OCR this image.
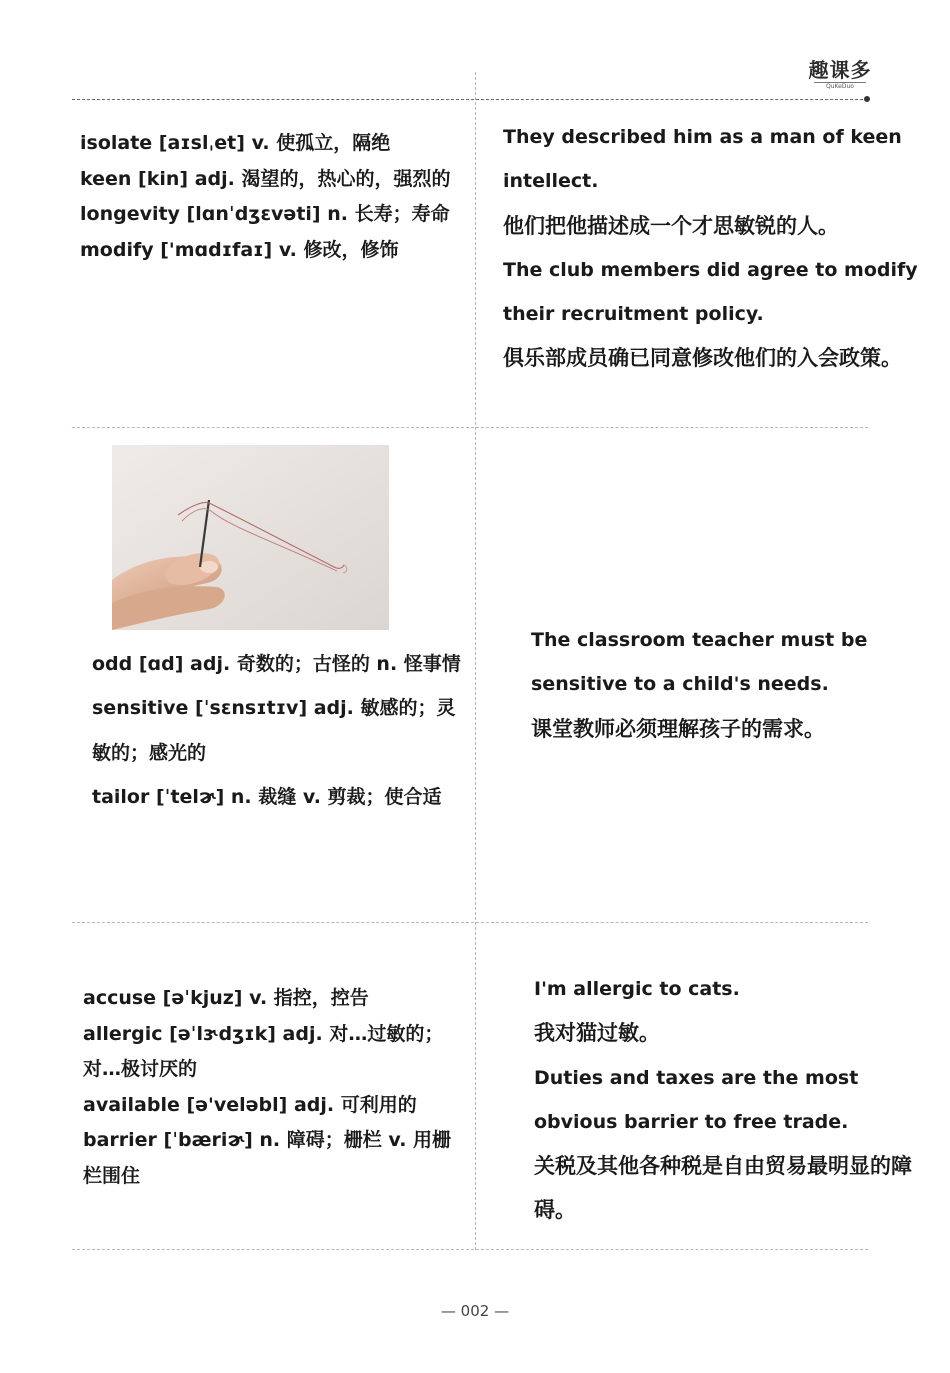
趣课多
QuKeDuo

isolate [aɪslˌet] v. 使孤立，隔绝

keen [kin] adj. 渴望的，热心的，强烈的

longevity [lɑnˈdʒɛvəti] n. 长寿；寿命

modify ['mɑdɪfaɪ] v. 修改，修饰

They described him as a man of keen intellect.

他们把他描述成一个才思敏锐的人。

The club members did agree to modify their recruitment policy.

俱乐部成员确已同意修改他们的入会政策。

odd [ɑd] adj. 奇数的；古怪的 n. 怪事情

sensitive [ˈsɛnsɪtɪv] adj. 敏感的；灵敏的；感光的

tailor [ˈtelɚ] n. 裁缝 v. 剪裁；使合适

The classroom teacher must be sensitive to a child's needs.

课堂教师必须理解孩子的需求。

accuse [əˈkjuz] v. 指控，控告

allergic [əˈlɝdʒɪk] adj. 对…过敏的；对…极讨厌的

available [ə'veləbl] adj. 可利用的

barrier [ˈbæriɚ] n. 障碍；栅栏 v. 用栅栏围住

I'm allergic to cats.

我对猫过敏。

Duties and taxes are the most obvious barrier to free trade.

关税及其他各种税是自由贸易最明显的障碍。

— 002 —
